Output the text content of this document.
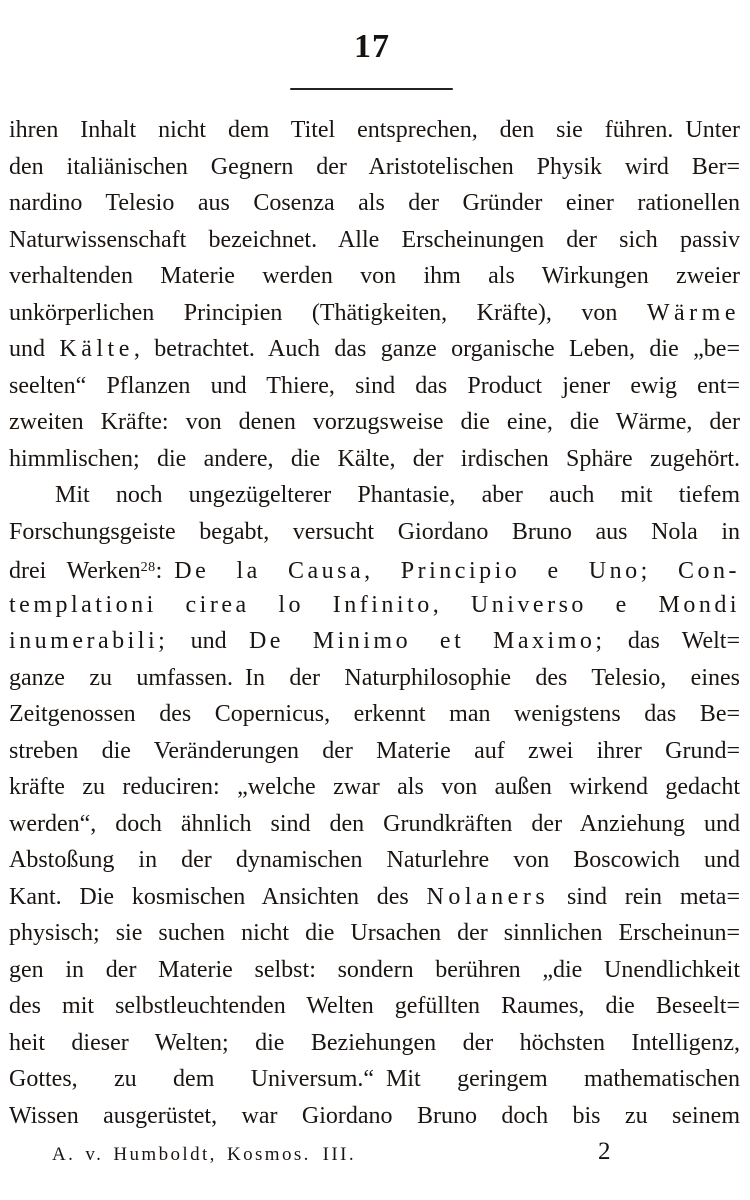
17
ihren Inhalt nicht dem Titel entsprechen, den sie führen. Unter
den italiänischen Gegnern der Aristotelischen Physik wird Ber=
nardino Telesio aus Cosenza als der Gründer einer rationellen
Naturwissenschaft bezeichnet. Alle Erscheinungen der sich passiv
verhaltenden Materie werden von ihm als Wirkungen zweier
unkörperlichen Principien (Thätigkeiten, Kräfte), von Wärme
und Kälte, betrachtet. Auch das ganze organische Leben, die „be=
seelten“ Pflanzen und Thiere, sind das Product jener ewig ent=
zweiten Kräfte: von denen vorzugsweise die eine, die Wärme, der
himmlischen; die andere, die Kälte, der irdischen Sphäre zugehört.
Mit noch ungezügelterer Phantasie, aber auch mit tiefem
Forschungsgeiste begabt, versucht Giordano Bruno aus Nola in
drei Werken$^{28}$: De la Causa, Principio e Uno; Con-
templationi cirea lo Infinito, Universo e Mondi
inumerabili; und De Minimo et Maximo; das Welt=
ganze zu umfassen. In der Naturphilosophie des Telesio, eines
Zeitgenossen des Copernicus, erkennt man wenigstens das Be=
streben die Veränderungen der Materie auf zwei ihrer Grund=
kräfte zu reduciren: „welche zwar als von außen wirkend gedacht
werden“, doch ähnlich sind den Grundkräften der Anziehung und
Abstoßung in der dynamischen Naturlehre von Boscowich und
Kant. Die kosmischen Ansichten des Nolaners sind rein meta=
physisch; sie suchen nicht die Ursachen der sinnlichen Erscheinun=
gen in der Materie selbst: sondern berühren „die Unendlichkeit
des mit selbstleuchtenden Welten gefüllten Raumes, die Beseelt=
heit dieser Welten; die Beziehungen der höchsten Intelligenz,
Gottes, zu dem Universum.“ Mit geringem mathematischen
Wissen ausgerüstet, war Giordano Bruno doch bis zu seinem
A. v. Humboldt, Kosmos. III.	2
